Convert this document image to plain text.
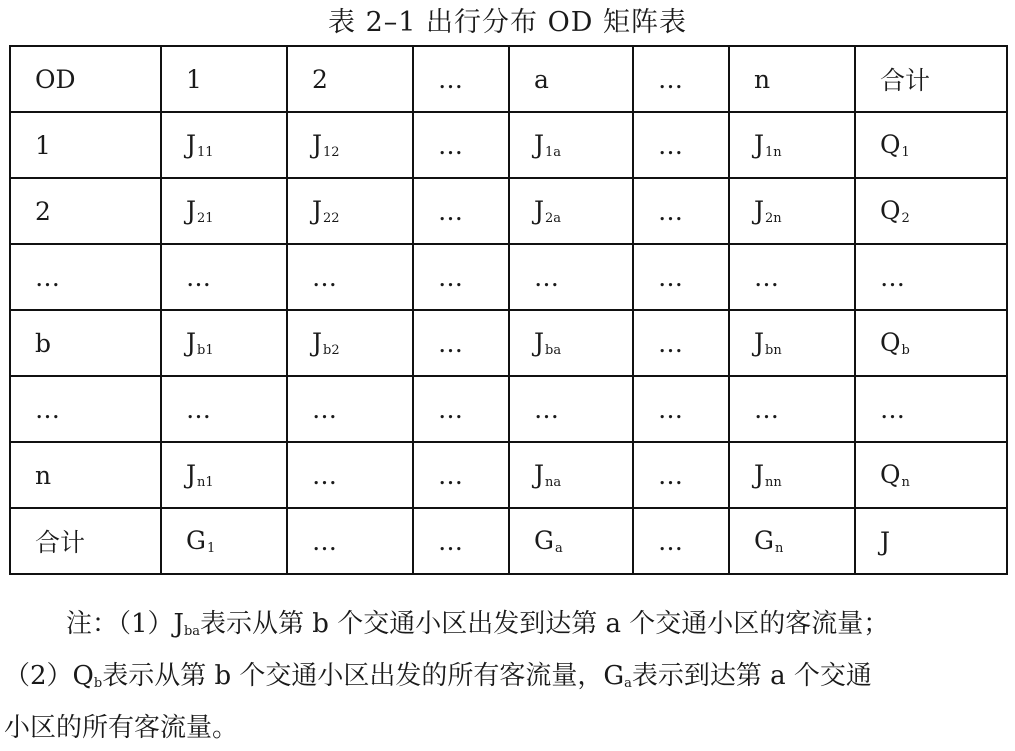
表 2–1 出行分布 OD 矩阵表
OD	1	2	…	a	…	n	合计
1	$J_{11}$	$J_{12}$	…	$J_{1a}$	…	$J_{1n}$	$Q_1$
2	$J_{21}$	$J_{22}$	…	$J_{2a}$	…	$J_{2n}$	$Q_2$
…	…	…	…	…	…	…	…
b	$J_{b1}$	$J_{b2}$	…	$J_{ba}$	…	$J_{bn}$	$Q_b$
…	…	…	…	…	…	…	…
n	$J_{n1}$	…	…	$J_{na}$	…	$J_{nn}$	$Q_n$
合计	$G_1$	…	…	$G_a$	…	$G_n$	J
注：（1）Jba表示从第 b 个交通小区出发到达第 a 个交通小区的客流量；
（2）Qb表示从第 b 个交通小区出发的所有客流量，Ga表示到达第 a 个交通
小区的所有客流量。
